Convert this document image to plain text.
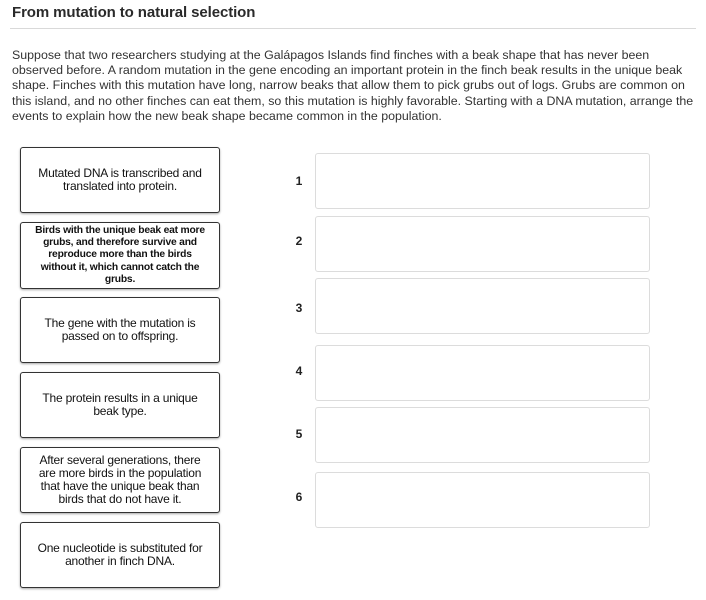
From mutation to natural selection

Suppose that two researchers studying at the Galápagos Islands find finches with a beak shape that has never been observed before. A random mutation in the gene encoding an important protein in the finch beak results in the unique beak shape. Finches with this mutation have long, narrow beaks that allow them to pick grubs out of logs. Grubs are common on this island, and no other finches can eat them, so this mutation is highly favorable. Starting with a DNA mutation, arrange the events to explain how the new beak shape became common in the population.

Mutated DNA is transcribed and translated into protein.
Birds with the unique beak eat more grubs, and therefore survive and reproduce more than the birds without it, which cannot catch the grubs.
The gene with the mutation is passed on to offspring.
The protein results in a unique beak type.
After several generations, there are more birds in the population that have the unique beak than birds that do not have it.
One nucleotide is substituted for another in finch DNA.
1
2
3
4
5
6
